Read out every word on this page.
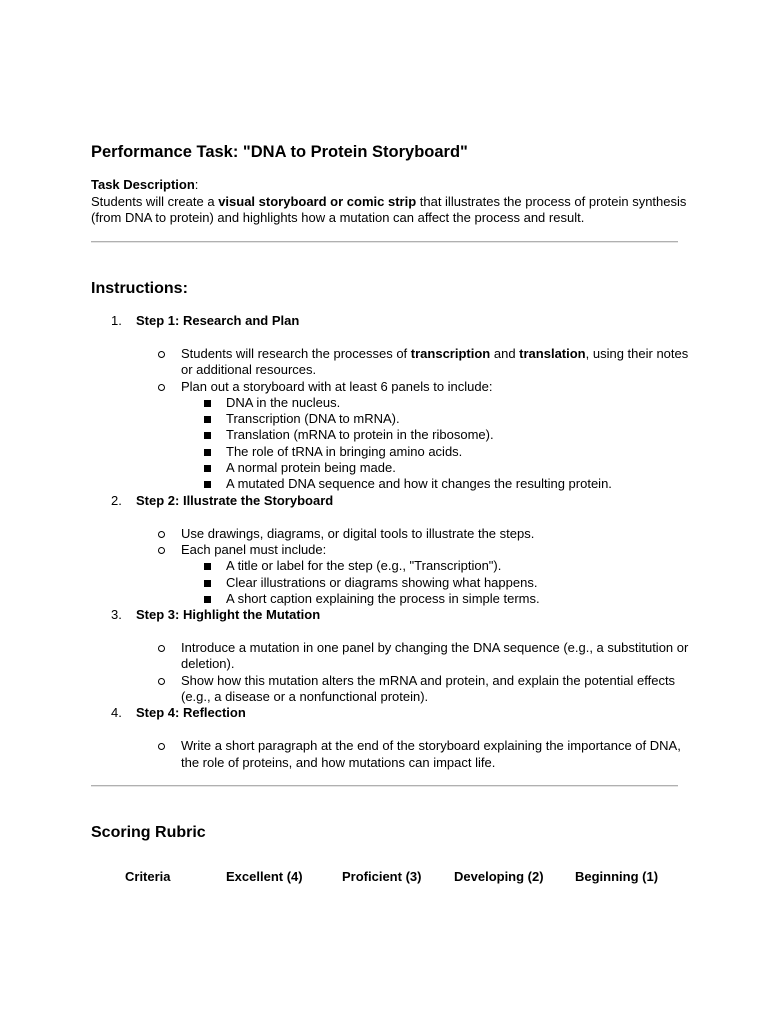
Performance Task: "DNA to Protein Storyboard"

Task Description:
Students will create a visual storyboard or comic strip that illustrates the process of protein synthesis (from DNA to protein) and highlights how a mutation can affect the process and result.

Instructions:
1. Step 1: Research and Plan
Students will research the processes of transcription and translation, using their notes or additional resources.
Plan out a storyboard with at least 6 panels to include:
DNA in the nucleus.
Transcription (DNA to mRNA).
Translation (mRNA to protein in the ribosome).
The role of tRNA in bringing amino acids.
A normal protein being made.
A mutated DNA sequence and how it changes the resulting protein.
2. Step 2: Illustrate the Storyboard
Use drawings, diagrams, or digital tools to illustrate the steps.
Each panel must include:
A title or label for the step (e.g., "Transcription").
Clear illustrations or diagrams showing what happens.
A short caption explaining the process in simple terms.
3. Step 3: Highlight the Mutation
Introduce a mutation in one panel by changing the DNA sequence (e.g., a substitution or deletion).
Show how this mutation alters the mRNA and protein, and explain the potential effects (e.g., a disease or a nonfunctional protein).
4. Step 4: Reflection
Write a short paragraph at the end of the storyboard explaining the importance of DNA, the role of proteins, and how mutations can impact life.
Scoring Rubric
Criteria	Excellent (4)	Proficient (3)	Developing (2) Beginning (1)
